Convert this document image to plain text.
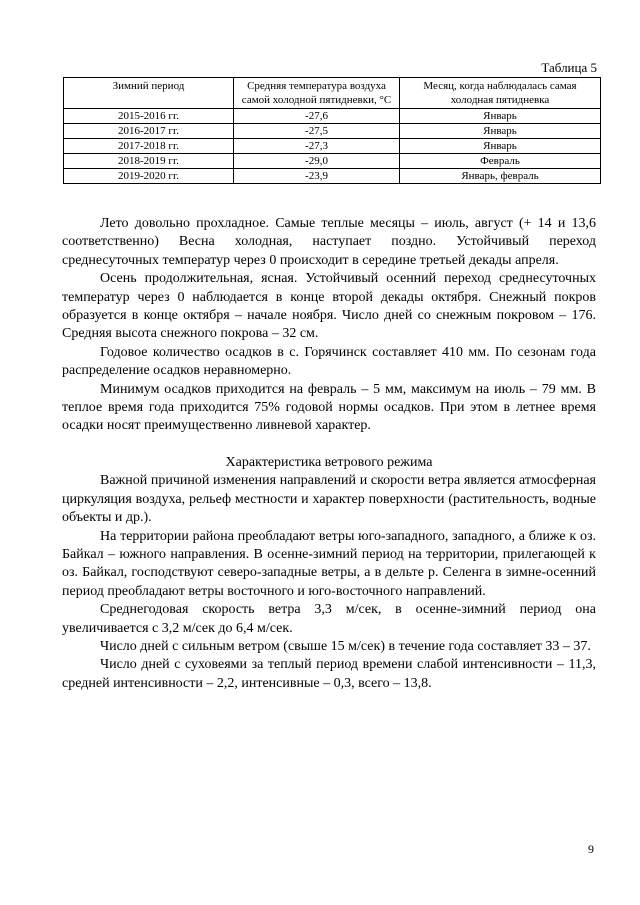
Таблица 5
Зимний период	Средняя температура воздуха самой холодной пятидневки, °С	Месяц, когда наблюдалась самая холодная пятидневка
2015-2016 гг.	-27,6	Январь
2016-2017 гг.	-27,5	Январь
2017-2018 гг.	-27,3	Январь
2018-2019 гг.	-29,0	Февраль
2019-2020 гг.	-23,9	Январь, февраль

Лето довольно прохладное. Самые теплые месяцы – июль, август (+ 14 и 13,6 соответственно) Весна холодная, наступает поздно. Устойчивый переход среднесуточных температур через 0 происходит в середине третьей декады апреля.

Осень продолжительная, ясная. Устойчивый осенний переход среднесуточных температур через 0 наблюдается в конце второй декады октября. Снежный покров образуется в конце октября – начале ноября. Число дней со снежным покровом – 176. Средняя высота снежного покрова – 32 см.

Годовое количество осадков в с. Горячинск составляет 410 мм. По сезонам года распределение осадков неравномерно.

Минимум осадков приходится на февраль – 5 мм, максимум на июль – 79 мм. В теплое время года приходится 75% годовой нормы осадков. При этом в летнее время осадки носят преимущественно ливневой характер.

Характеристика ветрового режима

Важной причиной изменения направлений и скорости ветра является атмосферная циркуляция воздуха, рельеф местности и характер поверхности (растительность, водные объекты и др.).

На территории района преобладают ветры юго-западного, западного, а ближе к оз. Байкал – южного направления. В осенне-зимний период на территории, прилегающей к оз. Байкал, господствуют северо-западные ветры, а в дельте р. Селенга в зимне-осенний период преобладают ветры восточного и юго-восточного направлений.

Среднегодовая скорость ветра 3,3 м/сек, в осенне-зимний период она увеличивается с 3,2 м/сек до 6,4 м/сек.

Число дней с сильным ветром (свыше 15 м/сек) в течение года составляет 33 – 37.

Число дней с суховеями за теплый период времени слабой интенсивности – 11,3, средней интенсивности – 2,2, интенсивные – 0,3, всего – 13,8.

9
